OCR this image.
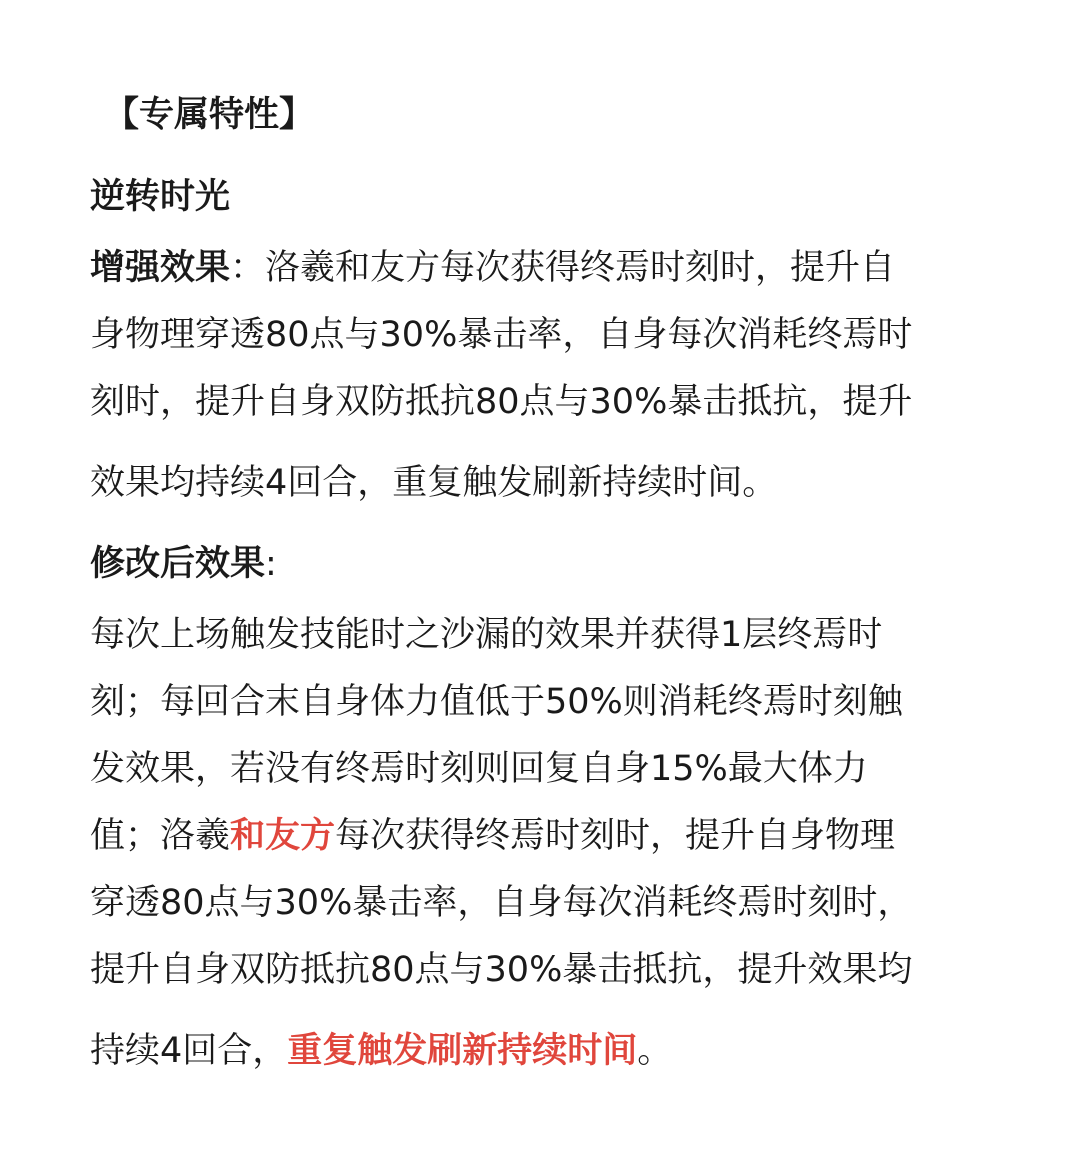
【专属特性】
逆转时光
增强效果：洛羲和友方每次获得终焉时刻时，提升自
身物理穿透80点与30%暴击率，自身每次消耗终焉时
刻时，提升自身双防抵抗80点与30%暴击抵抗，提升
效果均持续4回合，重复触发刷新持续时间。
修改后效果:
每次上场触发技能时之沙漏的效果并获得1层终焉时
刻；每回合末自身体力值低于50%则消耗终焉时刻触
发效果，若没有终焉时刻则回复自身15%最大体力
值；洛羲和友方每次获得终焉时刻时，提升自身物理
穿透80点与30%暴击率，自身每次消耗终焉时刻时，
提升自身双防抵抗80点与30%暴击抵抗，提升效果均
持续4回合，重复触发刷新持续时间。
